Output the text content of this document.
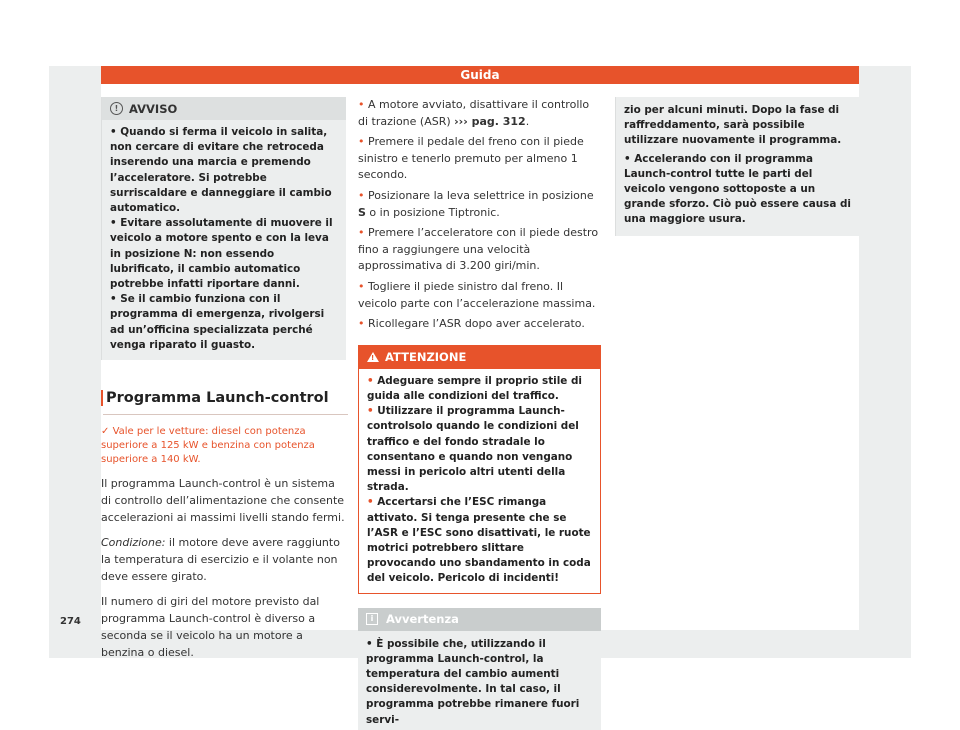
Guida
! AVVISO
• Quando si ferma il veicolo in salita, non cercare di evitare che retroceda inserendo una marcia e premendo l’acceleratore. Si potrebbe surriscaldare e danneggiare il cambio automatico.
• Evitare assolutamente di muovere il veicolo a motore spento e con la leva in posizione N: non essendo lubrificato, il cambio automatico potrebbe infatti riportare danni.
• Se il cambio funziona con il programma di emergenza, rivolgersi ad un’officina specializzata perché venga riparato il guasto.
Programma Launch-control
✓ Vale per le vetture: diesel con potenza superiore a 125 kW e benzina con potenza superiore a 140 kW.
Il programma Launch-control è un sistema di controllo dell’alimentazione che consente accelerazioni ai massimi livelli stando fermi.
Condizione: il motore deve avere raggiunto la temperatura di esercizio e il volante non deve essere girato.
Il numero di giri del motore previsto dal programma Launch-control è diverso a seconda se il veicolo ha un motore a benzina o diesel.
• A motore avviato, disattivare il controllo di trazione (ASR) ››› pag. 312.
• Premere il pedale del freno con il piede sinistro e tenerlo premuto per almeno 1 secondo.
• Posizionare la leva selettrice in posizione S o in posizione Tiptronic.
• Premere l’acceleratore con il piede destro fino a raggiungere una velocità approssimativa di 3.200 giri/min.
• Togliere il piede sinistro dal freno. Il veicolo parte con l’accelerazione massima.
• Ricollegare l’ASR dopo aver accelerato.
! ATTENZIONE
• Adeguare sempre il proprio stile di guida alle condizioni del traffico.
• Utilizzare il programma Launch-controlsolo quando le condizioni del traffico e del fondo stradale lo consentano e quando non vengano messi in pericolo altri utenti della strada.
• Accertarsi che l’ESC rimanga attivato. Si tenga presente che se l’ASR e l’ESC sono disattivati, le ruote motrici potrebbero slittare provocando uno sbandamento in coda del veicolo. Pericolo di incidenti!
i	Avvertenza
• È possibile che, utilizzando il programma Launch-control, la temperatura del cambio aumenti considerevolmente. In tal caso, il programma potrebbe rimanere fuori servi-
zio per alcuni minuti. Dopo la fase di raffreddamento, sarà possibile utilizzare nuovamente il programma.
• Accelerando con il programma Launch-control tutte le parti del veicolo vengono sottoposte a un grande sforzo. Ciò può essere causa di una maggiore usura.
274
